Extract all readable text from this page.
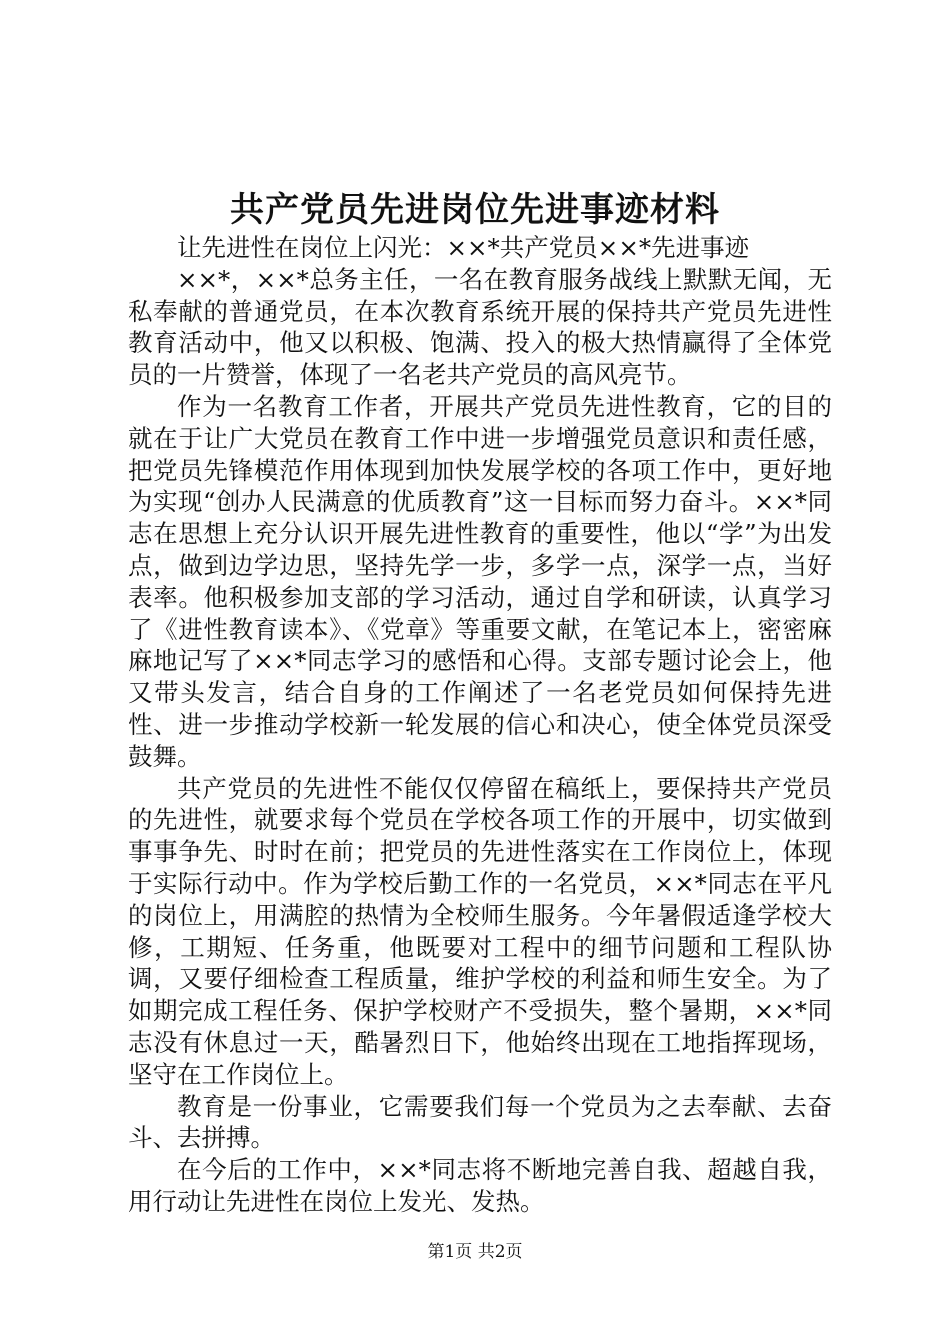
共产党员先进岗位先进事迹材料

让先进性在岗位上闪光：××*共产党员××*先进事迹

××*，××*总务主任，一名在教育服务战线上默默无闻，无私奉献的普通党员，在本次教育系统开展的保持共产党员先进性教育活动中，他又以积极、饱满、投入的极大热情赢得了全体党员的一片赞誉，体现了一名老共产党员的高风亮节。

作为一名教育工作者，开展共产党员先进性教育，它的目的就在于让广大党员在教育工作中进一步增强党员意识和责任感，把党员先锋模范作用体现到加快发展学校的各项工作中，更好地为实现“创办人民满意的优质教育”这一目标而努力奋斗。××*同志在思想上充分认识开展先进性教育的重要性，他以“学”为出发点，做到边学边思，坚持先学一步，多学一点，深学一点，当好表率。他积极参加支部的学习活动，通过自学和研读，认真学习了《进性教育读本》、《党章》等重要文献，在笔记本上，密密麻麻地记写了××*同志学习的感悟和心得。支部专题讨论会上，他又带头发言，结合自身的工作阐述了一名老党员如何保持先进性、进一步推动学校新一轮发展的信心和决心，使全体党员深受鼓舞。

共产党员的先进性不能仅仅停留在稿纸上，要保持共产党员的先进性，就要求每个党员在学校各项工作的开展中，切实做到事事争先、时时在前；把党员的先进性落实在工作岗位上，体现于实际行动中。作为学校后勤工作的一名党员，××*同志在平凡的岗位上，用满腔的热情为全校师生服务。今年暑假适逢学校大修，工期短、任务重，他既要对工程中的细节问题和工程队协调，又要仔细检查工程质量，维护学校的利益和师生安全。为了如期完成工程任务、保护学校财产不受损失，整个暑期，××*同志没有休息过一天，酷暑烈日下，他始终出现在工地指挥现场，坚守在工作岗位上。

教育是一份事业，它需要我们每一个党员为之去奉献、去奋斗、去拼搏。

在今后的工作中，××*同志将不断地完善自我、超越自我，用行动让先进性在岗位上发光、发热。

第1页 共2页
